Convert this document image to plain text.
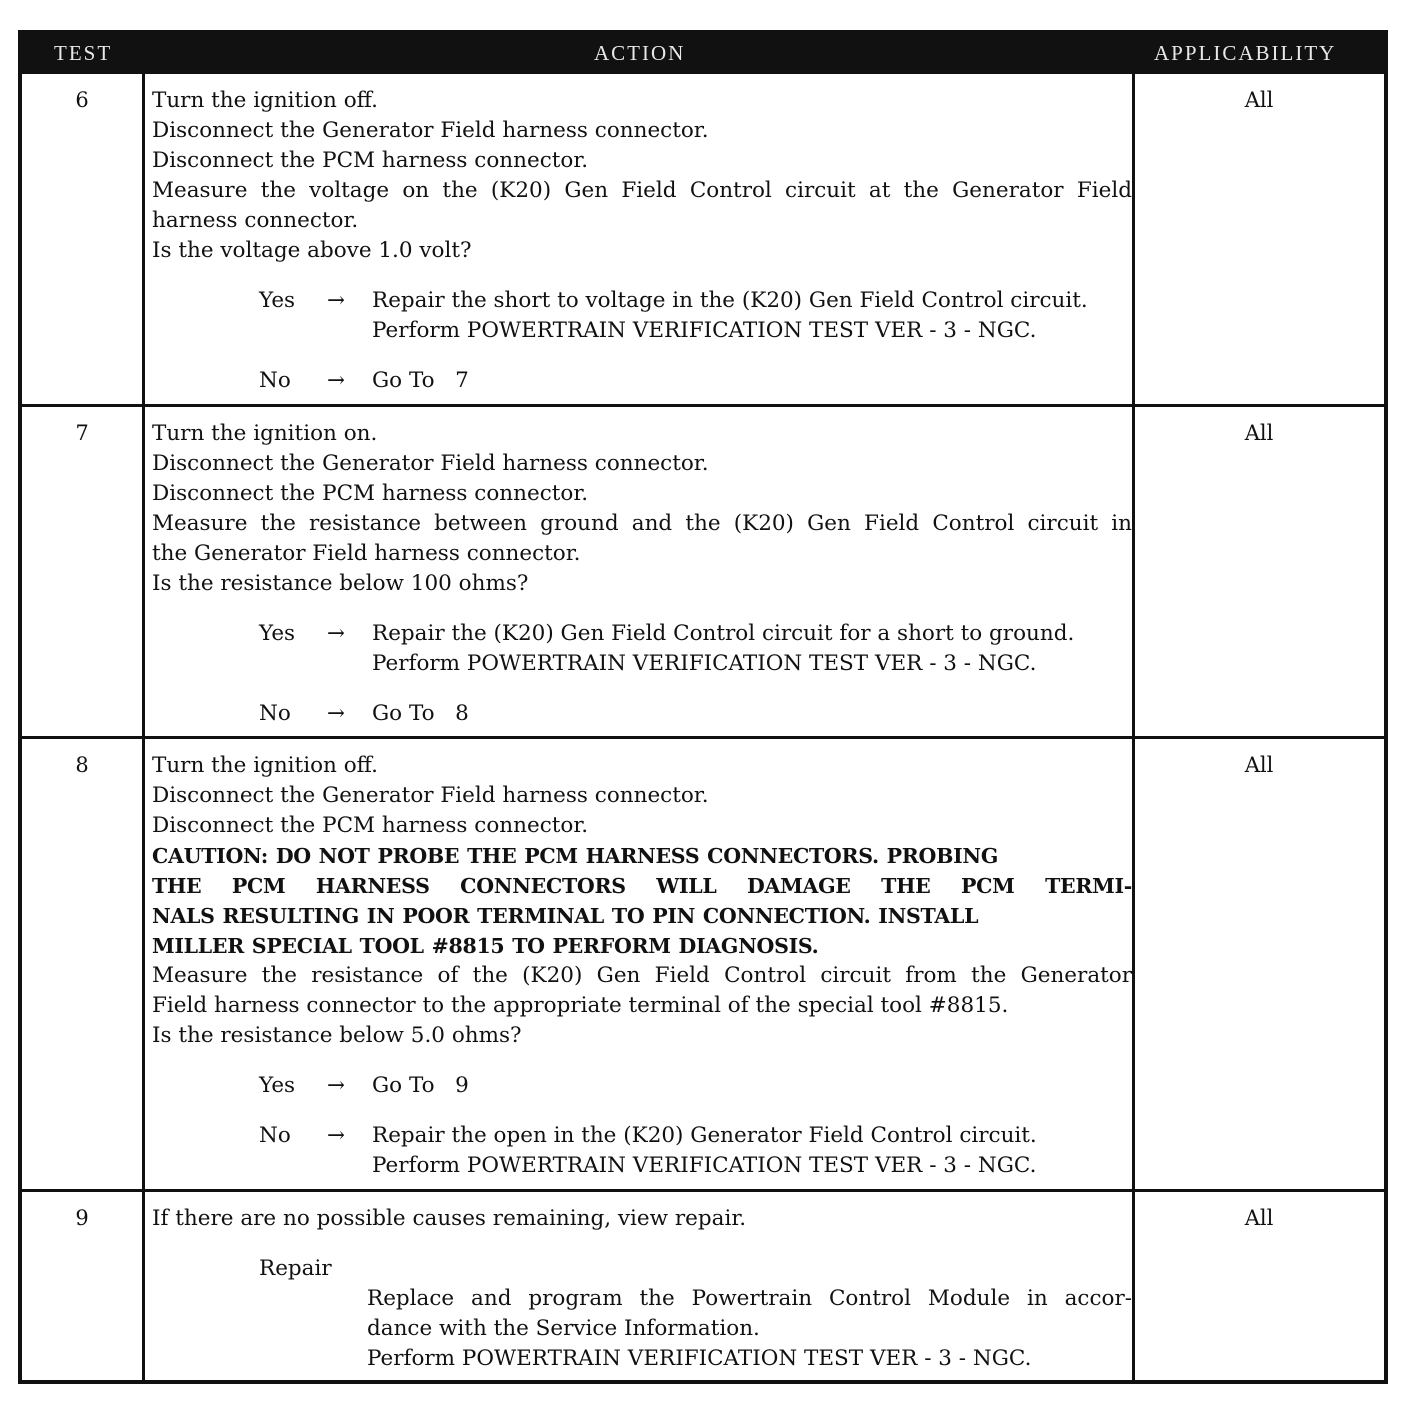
TEST	ACTION	APPLICABILITY
6	Turn the ignition off.
Disconnect the Generator Field harness connector.
Disconnect the PCM harness connector.
Measure the voltage on the (K20) Gen Field Control circuit at the Generator Field
harness connector.
Is the voltage above 1.0 volt?
Yes → Repair the short to voltage in the (K20) Gen Field Control circuit.
Perform POWERTRAIN VERIFICATION TEST VER - 3 - NGC.
No → Go To   7
All
7	Turn the ignition on.
Disconnect the Generator Field harness connector.
Disconnect the PCM harness connector.
Measure the resistance between ground and the (K20) Gen Field Control circuit in
the Generator Field harness connector.
Is the resistance below 100 ohms?
Yes → Repair the (K20) Gen Field Control circuit for a short to ground.
Perform POWERTRAIN VERIFICATION TEST VER - 3 - NGC.
No → Go To   8
All
8	Turn the ignition off.
Disconnect the Generator Field harness connector.
Disconnect the PCM harness connector.
CAUTION: DO NOT PROBE THE PCM HARNESS CONNECTORS. PROBING
THE PCM HARNESS CONNECTORS WILL DAMAGE THE PCM TERMI-
NALS RESULTING IN POOR TERMINAL TO PIN CONNECTION. INSTALL
MILLER SPECIAL TOOL #8815 TO PERFORM DIAGNOSIS.
Measure the resistance of the (K20) Gen Field Control circuit from the Generator
Field harness connector to the appropriate terminal of the special tool #8815.
Is the resistance below 5.0 ohms?
Yes → Go To   9
No → Repair the open in the (K20) Generator Field Control circuit.
Perform POWERTRAIN VERIFICATION TEST VER - 3 - NGC.
All
9	If there are no possible causes remaining, view repair.
Repair
Replace and program the Powertrain Control Module in accor-
dance with the Service Information.
Perform POWERTRAIN VERIFICATION TEST VER - 3 - NGC.
All
